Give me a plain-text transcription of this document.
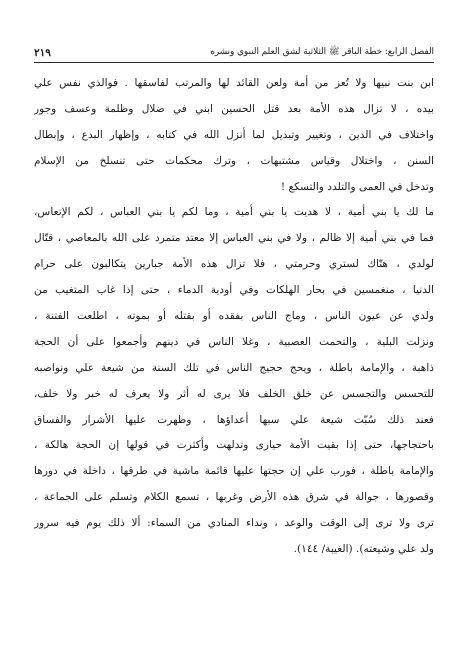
الفصل الرابع: خطة الباقر ﷺ الثلاثية لشق العلم النبوي ونشره
٢١٩
ابن بنت نبيها ولا تُعز من أمة ولعن القائد لها والمرتب لفاسقها . فوالذي نفس علي
بيده ، لا تزال هذه الأمة بعد قتل الحسين ابني في ضلال وظلمة وعسف وجور
واختلاف في الدين ، وتغيير وتبديل لما أنزل الله في كتابه ، وإظهار البدع ، وإبطال
السنن ، واختلال وقياس مشتبهات ، وترك محكمات حتى تنسلخ من الإسلام
وتدخل في العمى والتلدد والتسكع !
ما لك يا بني أمية ، لا هديت يا بني أمية ، وما لكم يا بني العباس ، لكم الإتعاس،
فما في بني أمية إلا ظالم ، ولا في بني العباس إلا معتد متمرد على الله بالمعاصي ، قتّال
لولدي ، هتّاك لستري وحرمتي ، فلا تزال هذه الأمة جبارين يتكالبون على حرام
الدنيا ، منغمسين في بحار الهلكات وفي أودية الدماء ، حتى إذا غاب المتغيب من
ولدي عن عيون الناس ، وماج الناس بفقده أو بقتله أو بموته ، اطلعت الفتنة ،
ونزلت البلية ، والتحمت العصبية ، وغلا الناس في دينهم وأجمعوا على أن الحجة
ذاهبة ، والإمامة باطلة ، ويحج حجيج الناس في تلك السنة من شيعة علي ونواصبه
للتحسس والتجسس عن خلق الخلف فلا يرى له أثر ولا يعرف له خبر ولا خلف،
فعند ذلك سُبّت شيعة علي سبها أعداؤها ، وظهرت عليها الأشرار والفساق
باحتجاجها، حتى إذا بقيت الأمة حيارى وتدلهت وأكثرت في قولها إن الحجة هالكة ،
والإمامة باطلة ، فورب علي إن حجتها عليها قائمة ماشية في طرقها ، داخلة في دورها
وقصورها ، جوالة في شرق هذه الأرض وغربها ، تسمع الكلام وتسلم على الجماعة ،
ترى ولا ترى إلى الوقت والوعد ، ونداء المنادي من السماء: ألا ذلك يوم فيه سرور
ولد علي وشيعته). (الغيبة/ ١٤٤).
